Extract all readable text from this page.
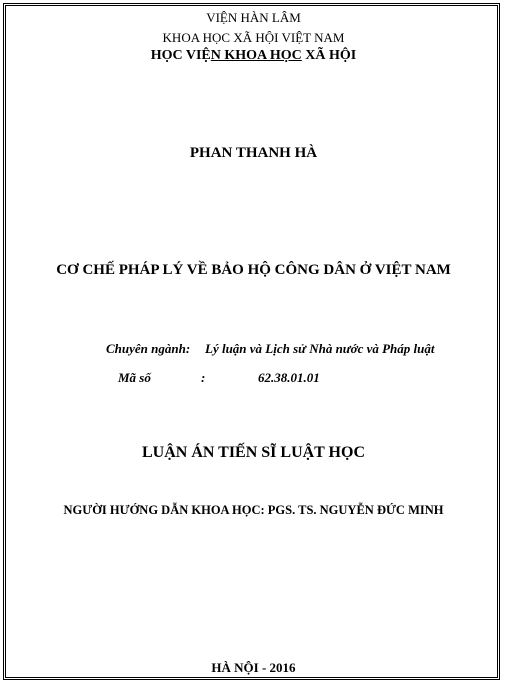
VIỆN HÀN LÂM
KHOA HỌC XÃ HỘI VIỆT NAM
HỌC VIỆN KHOA HỌC XÃ HỘI
PHAN THANH HÀ
CƠ CHẾ PHÁP LÝ VỀ BẢO HỘ CÔNG DÂN Ở VIỆT NAM
Chuyên ngành: Lý luận và Lịch sử Nhà nước và Pháp luật
Mã số	:	62.38.01.01
LUẬN ÁN TIẾN SĨ LUẬT HỌC
NGƯỜI HƯỚNG DẪN KHOA HỌC: PGS. TS. NGUYỄN ĐỨC MINH
HÀ NỘI - 2016
